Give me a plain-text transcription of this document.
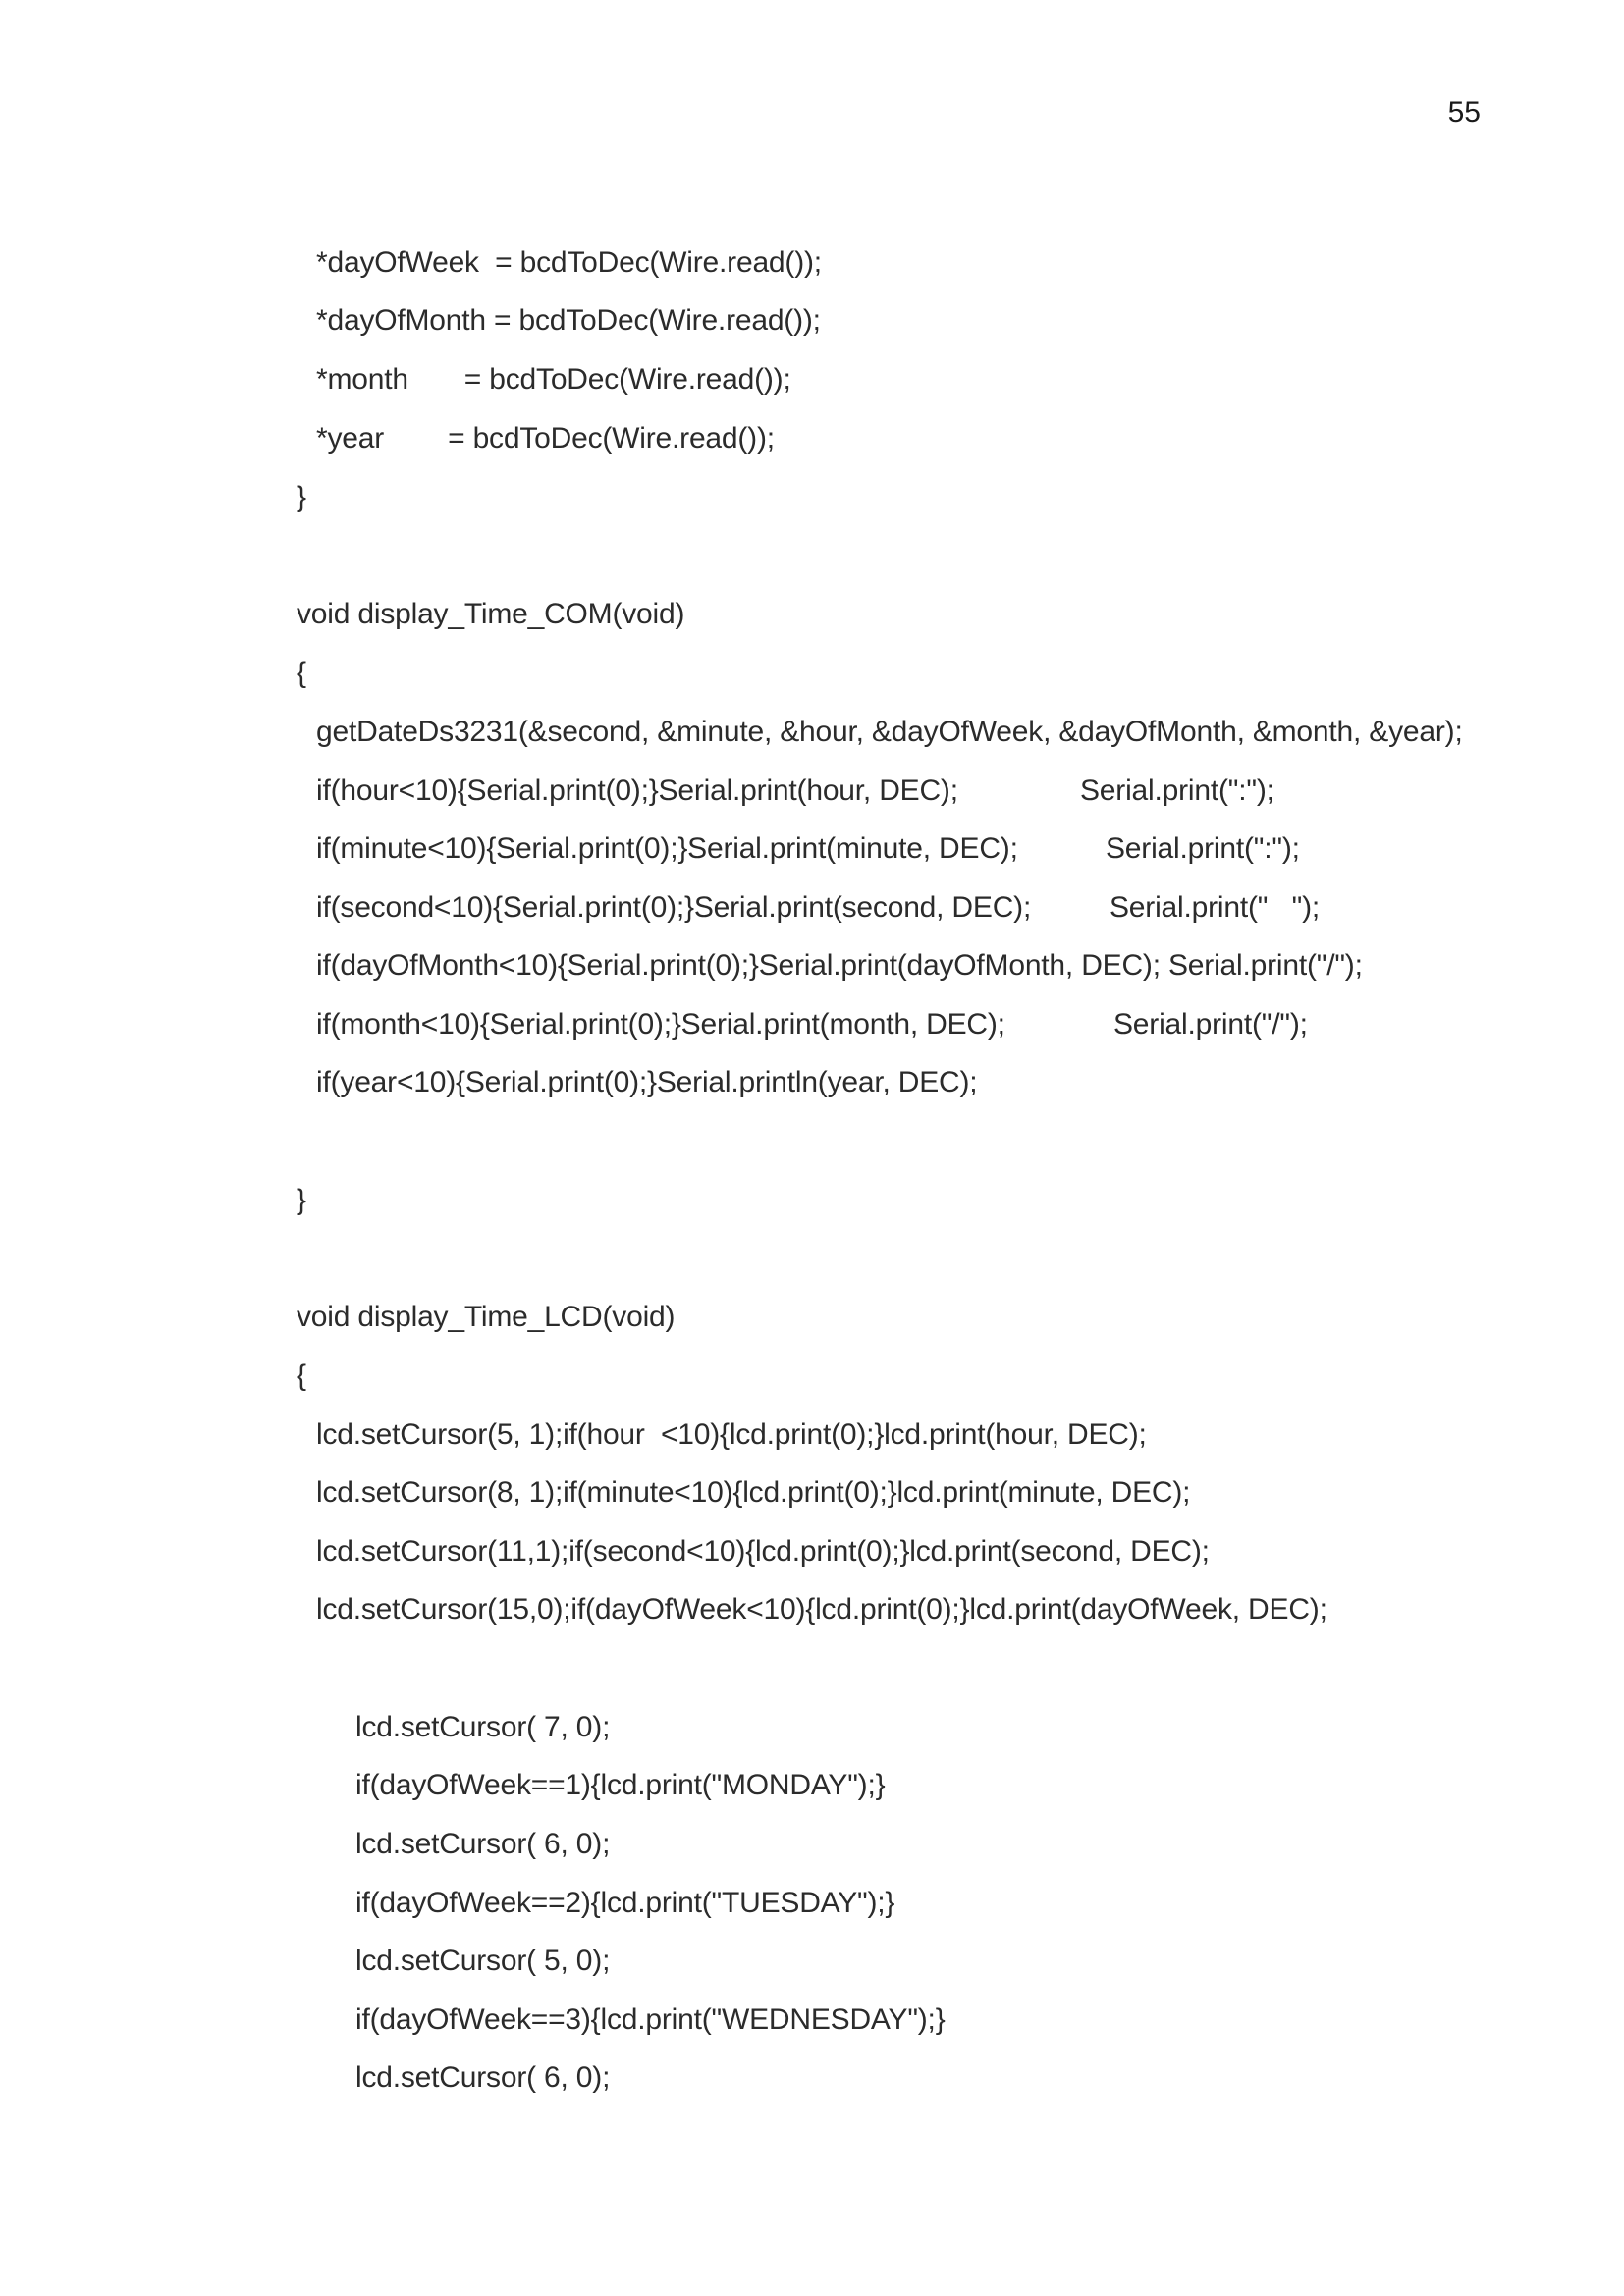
55
*dayOfWeek  = bcdToDec(Wire.read());
*dayOfMonth = bcdToDec(Wire.read());
*month       = bcdToDec(Wire.read());
*year        = bcdToDec(Wire.read());
}
void display_Time_COM(void)
{
getDateDs3231(&second, &minute, &hour, &dayOfWeek, &dayOfMonth, &month, &year);
if(hour<10){Serial.print(0);}Serial.print(hour, DEC);	Serial.print(":");
if(minute<10){Serial.print(0);}Serial.print(minute, DEC);	Serial.print(":");
if(second<10){Serial.print(0);}Serial.print(second, DEC);	Serial.print("   ");
if(dayOfMonth<10){Serial.print(0);}Serial.print(dayOfMonth, DEC); Serial.print("/");
if(month<10){Serial.print(0);}Serial.print(month, DEC);	Serial.print("/");
if(year<10){Serial.print(0);}Serial.println(year, DEC);
}
void display_Time_LCD(void)
{
lcd.setCursor(5, 1);if(hour  <10){lcd.print(0);}lcd.print(hour, DEC);
lcd.setCursor(8, 1);if(minute<10){lcd.print(0);}lcd.print(minute, DEC);
lcd.setCursor(11,1);if(second<10){lcd.print(0);}lcd.print(second, DEC);
lcd.setCursor(15,0);if(dayOfWeek<10){lcd.print(0);}lcd.print(dayOfWeek, DEC);
lcd.setCursor( 7, 0);
if(dayOfWeek==1){lcd.print("MONDAY");}
lcd.setCursor( 6, 0);
if(dayOfWeek==2){lcd.print("TUESDAY");}
lcd.setCursor( 5, 0);
if(dayOfWeek==3){lcd.print("WEDNESDAY");}
lcd.setCursor( 6, 0);
